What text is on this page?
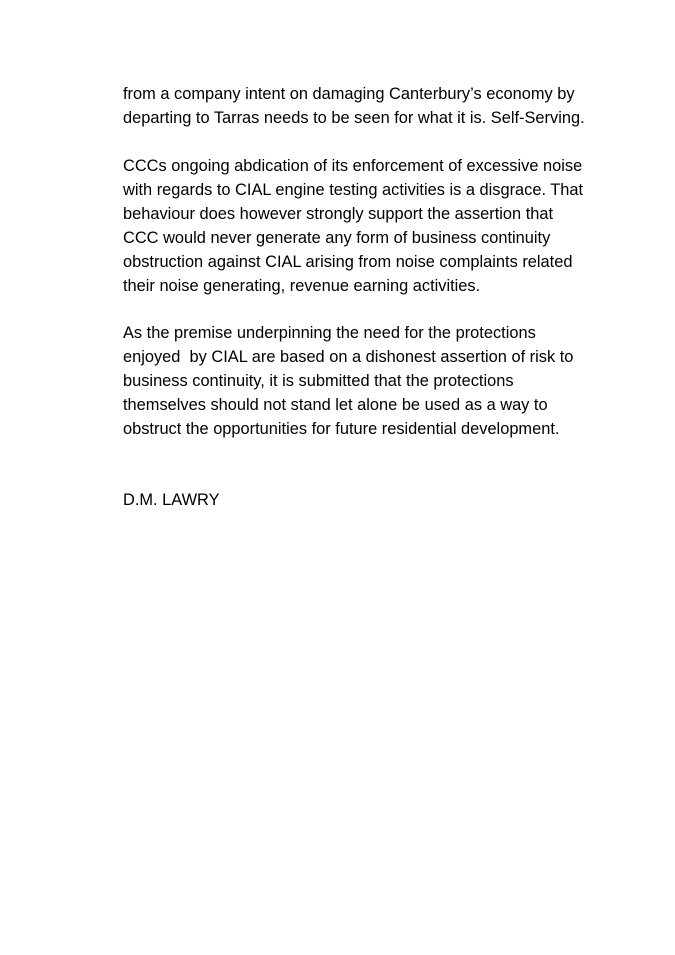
from a company intent on damaging Canterbury’s economy by
departing to Tarras needs to be seen for what it is. Self-Serving.
CCCs ongoing abdication of its enforcement of excessive noise
with regards to CIAL engine testing activities is a disgrace. That
behaviour does however strongly support the assertion that
CCC would never generate any form of business continuity
obstruction against CIAL arising from noise complaints related
their noise generating, revenue earning activities.
As the premise underpinning the need for the protections
enjoyed  by CIAL are based on a dishonest assertion of risk to
business continuity, it is submitted that the protections
themselves should not stand let alone be used as a way to
obstruct the opportunities for future residential development.
D.M. LAWRY
